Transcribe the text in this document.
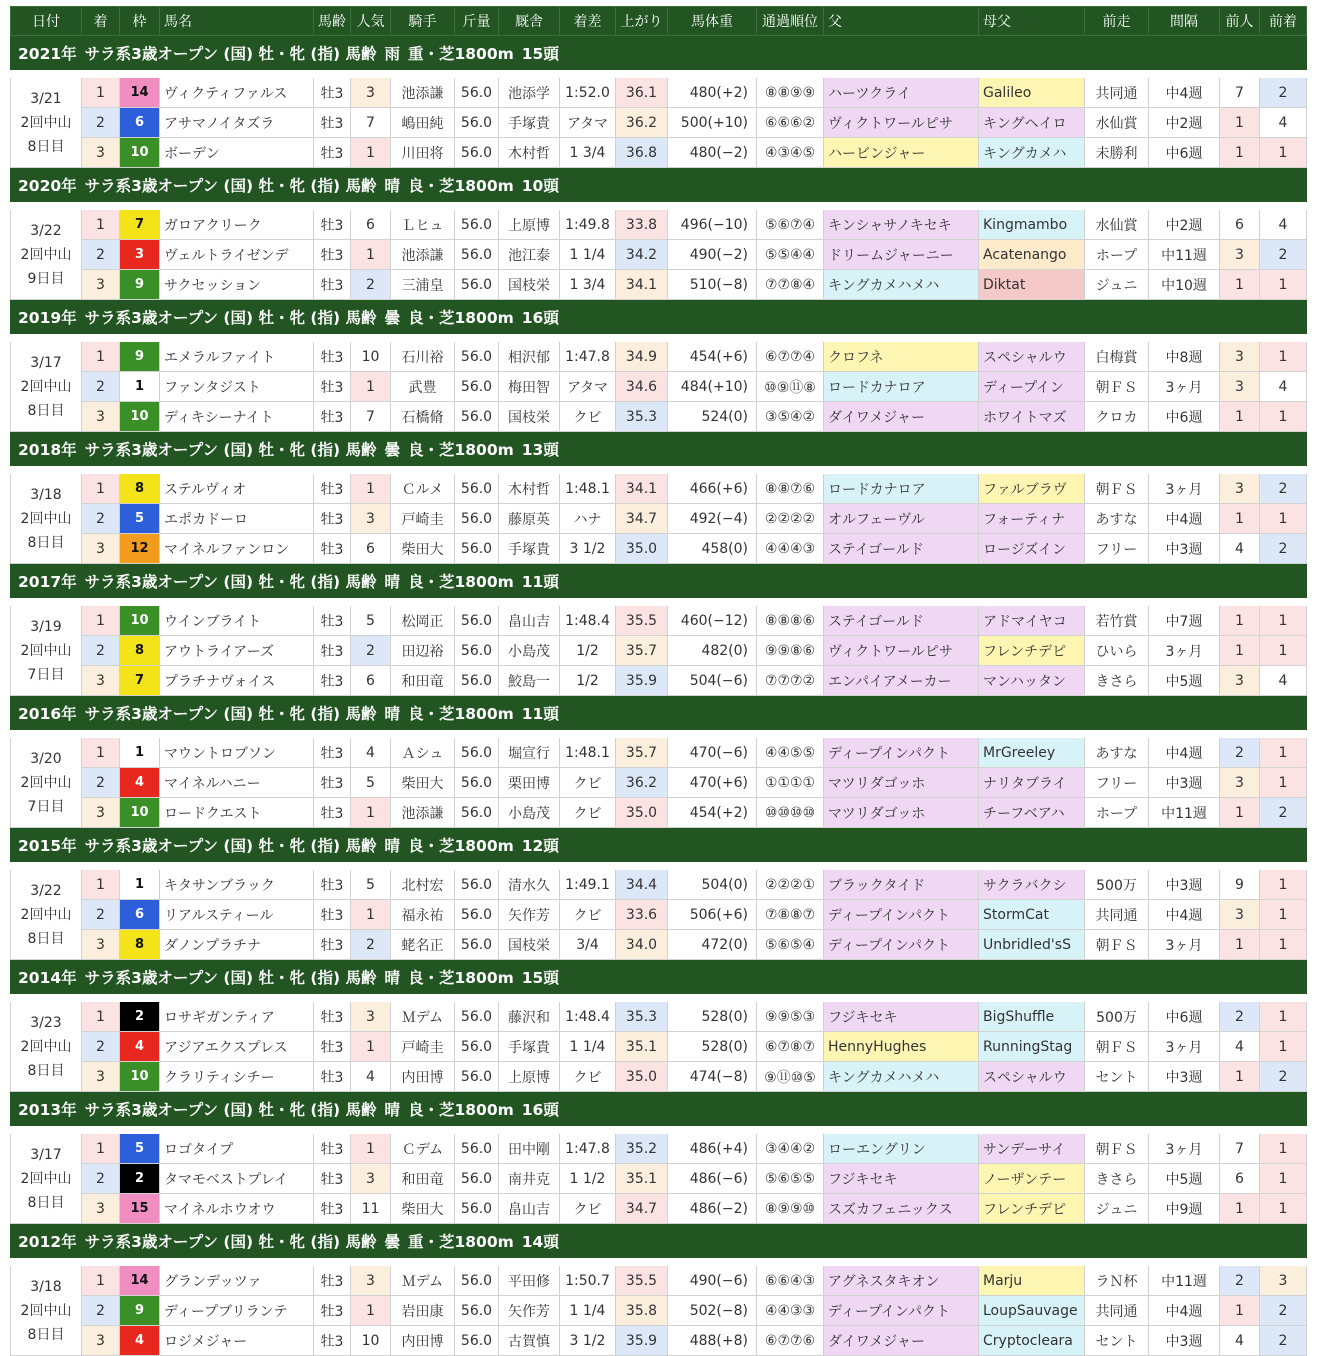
日付	着	枠	馬名	馬齢	人気	騎手	斤量	厩舎	着差	上がり	馬体重	通過順位	父	母父	前走	間隔	前人	前着
2021年 サラ系3歳オープン (国) 牡・牝 (指) 馬齢 雨 重・芝1800m 15頭																		

3/21
2回中山
8日目	1	14	ヴィクティファルス	牡3	3	池添謙	56.0	池添学	1:52.0	36.1	480(+2)	⑧⑧⑨⑨	ハーツクライ	Galileo	共同通	中4週	7	2
	2	6	アサマノイタズラ	牡3	7	嶋田純	56.0	手塚貴	アタマ	36.2	500(+10)	⑥⑥⑥②	ヴィクトワールピサ	キングヘイロ	水仙賞	中2週	1	4
	3	10	ボーデン	牡3	1	川田将	56.0	木村哲	1 3/4	36.8	480(−2)	④③④⑤	ハービンジャー	キングカメハ	未勝利	中6週	1	1
2020年 サラ系3歳オープン (国) 牡・牝 (指) 馬齢 晴 良・芝1800m 10頭																		

3/22
2回中山
9日目	1	7	ガロアクリーク	牡3	6	Ｌヒュ	56.0	上原博	1:49.8	33.8	496(−10)	⑤⑥⑦④	キンシャサノキセキ	Kingmambo	水仙賞	中2週	6	4
	2	3	ヴェルトライゼンデ	牡3	1	池添謙	56.0	池江泰	1 1/4	34.2	490(−2)	⑤⑤④④	ドリームジャーニー	Acatenango	ホープ	中11週	3	2
	3	9	サクセッション	牡3	2	三浦皇	56.0	国枝栄	1 3/4	34.1	510(−8)	⑦⑦⑧④	キングカメハメハ	Diktat	ジュニ	中10週	1	1
2019年 サラ系3歳オープン (国) 牡・牝 (指) 馬齢 曇 良・芝1800m 16頭																		

3/17
2回中山
8日目	1	9	エメラルファイト	牡3	10	石川裕	56.0	相沢郁	1:47.8	34.9	454(+6)	⑥⑦⑦④	クロフネ	スペシャルウ	白梅賞	中8週	3	1
	2	1	ファンタジスト	牡3	1	武豊	56.0	梅田智	アタマ	34.6	484(+10)	⑩⑨⑪⑧	ロードカナロア	ディープイン	朝ＦＳ	3ヶ月	3	4
	3	10	ディキシーナイト	牡3	7	石橋脩	56.0	国枝栄	クビ	35.3	524(0)	③⑤④②	ダイワメジャー	ホワイトマズ	クロカ	中6週	1	1
2018年 サラ系3歳オープン (国) 牡・牝 (指) 馬齢 曇 良・芝1800m 13頭																		

3/18
2回中山
8日目	1	8	ステルヴィオ	牡3	1	Ｃルメ	56.0	木村哲	1:48.1	34.1	466(+6)	⑧⑧⑦⑥	ロードカナロア	ファルブラヴ	朝ＦＳ	3ヶ月	3	2
	2	5	エポカドーロ	牡3	3	戸崎圭	56.0	藤原英	ハナ	34.7	492(−4)	②②②②	オルフェーヴル	フォーティナ	あすな	中4週	1	1
	3	12	マイネルファンロン	牡3	6	柴田大	56.0	手塚貴	3 1/2	35.0	458(0)	④④④③	ステイゴールド	ロージズイン	フリー	中3週	4	2
2017年 サラ系3歳オープン (国) 牡・牝 (指) 馬齢 晴 良・芝1800m 11頭																		

3/19
2回中山
7日目	1	10	ウインブライト	牡3	5	松岡正	56.0	畠山吉	1:48.4	35.5	460(−12)	⑧⑧⑧⑥	ステイゴールド	アドマイヤコ	若竹賞	中7週	1	1
	2	8	アウトライアーズ	牡3	2	田辺裕	56.0	小島茂	1/2	35.7	482(0)	⑨⑨⑧⑥	ヴィクトワールピサ	フレンチデピ	ひいら	3ヶ月	1	1
	3	7	プラチナヴォイス	牡3	6	和田竜	56.0	鮫島一	1/2	35.9	504(−6)	⑦⑦⑦②	エンパイアメーカー	マンハッタン	きさら	中5週	3	4
2016年 サラ系3歳オープン (国) 牡・牝 (指) 馬齢 晴 良・芝1800m 11頭																		

3/20
2回中山
7日目	1	1	マウントロブソン	牡3	4	Ａシュ	56.0	堀宣行	1:48.1	35.7	470(−6)	④④⑤⑤	ディープインパクト	MrGreeley	あすな	中4週	2	1
	2	4	マイネルハニー	牡3	5	柴田大	56.0	栗田博	クビ	36.2	470(+6)	①①①①	マツリダゴッホ	ナリタブライ	フリー	中3週	3	1
	3	10	ロードクエスト	牡3	1	池添謙	56.0	小島茂	クビ	35.0	454(+2)	⑩⑩⑩⑩	マツリダゴッホ	チーフベアハ	ホープ	中11週	1	2
2015年 サラ系3歳オープン (国) 牡・牝 (指) 馬齢 晴 良・芝1800m 12頭																		

3/22
2回中山
8日目	1	1	キタサンブラック	牡3	5	北村宏	56.0	清水久	1:49.1	34.4	504(0)	②②②①	ブラックタイド	サクラバクシ	500万	中3週	9	1
	2	6	リアルスティール	牡3	1	福永祐	56.0	矢作芳	クビ	33.6	506(+6)	⑦⑧⑧⑦	ディープインパクト	StormCat	共同通	中4週	3	1
	3	8	ダノンプラチナ	牡3	2	蛯名正	56.0	国枝栄	3/4	34.0	472(0)	⑤⑥⑤④	ディープインパクト	Unbridled'sS	朝ＦＳ	3ヶ月	1	1
2014年 サラ系3歳オープン (国) 牡・牝 (指) 馬齢 晴 良・芝1800m 15頭																		

3/23
2回中山
8日目	1	2	ロサギガンティア	牡3	3	Ｍデム	56.0	藤沢和	1:48.4	35.3	528(0)	⑨⑨⑤③	フジキセキ	BigShuffle	500万	中6週	2	1
	2	4	アジアエクスプレス	牡3	1	戸崎圭	56.0	手塚貴	1 1/4	35.1	528(0)	⑥⑦⑧⑦	HennyHughes	RunningStag	朝ＦＳ	3ヶ月	4	1
	3	10	クラリティシチー	牡3	4	内田博	56.0	上原博	クビ	35.0	474(−8)	⑨⑪⑩⑤	キングカメハメハ	スペシャルウ	セント	中3週	1	2
2013年 サラ系3歳オープン (国) 牡・牝 (指) 馬齢 晴 良・芝1800m 16頭																		

3/17
2回中山
8日目	1	5	ロゴタイプ	牡3	1	Ｃデム	56.0	田中剛	1:47.8	35.2	486(+4)	③④④②	ローエングリン	サンデーサイ	朝ＦＳ	3ヶ月	7	1
	2	2	タマモベストプレイ	牡3	3	和田竜	56.0	南井克	1 1/2	35.1	486(−6)	⑤⑥⑤⑤	フジキセキ	ノーザンテー	きさら	中5週	6	1
	3	15	マイネルホウオウ	牡3	11	柴田大	56.0	畠山吉	クビ	34.7	486(−2)	⑧⑨⑨⑩	スズカフェニックス	フレンチデピ	ジュニ	中9週	1	1
2012年 サラ系3歳オープン (国) 牡・牝 (指) 馬齢 曇 重・芝1800m 14頭																		

3/18
2回中山
8日目	1	14	グランデッツァ	牡3	3	Ｍデム	56.0	平田修	1:50.7	35.5	490(−6)	⑥⑥④③	アグネスタキオン	Marju	ラＮ杯	中11週	2	3
	2	9	ディープブリランテ	牡3	1	岩田康	56.0	矢作芳	1 1/4	35.8	502(−8)	④④③③	ディープインパクト	LoupSauvage	共同通	中4週	1	2
	3	4	ロジメジャー	牡3	10	内田博	56.0	古賀慎	3 1/2	35.9	488(+8)	⑥⑦⑦⑥	ダイワメジャー	Cryptocleara	セント	中3週	4	2
